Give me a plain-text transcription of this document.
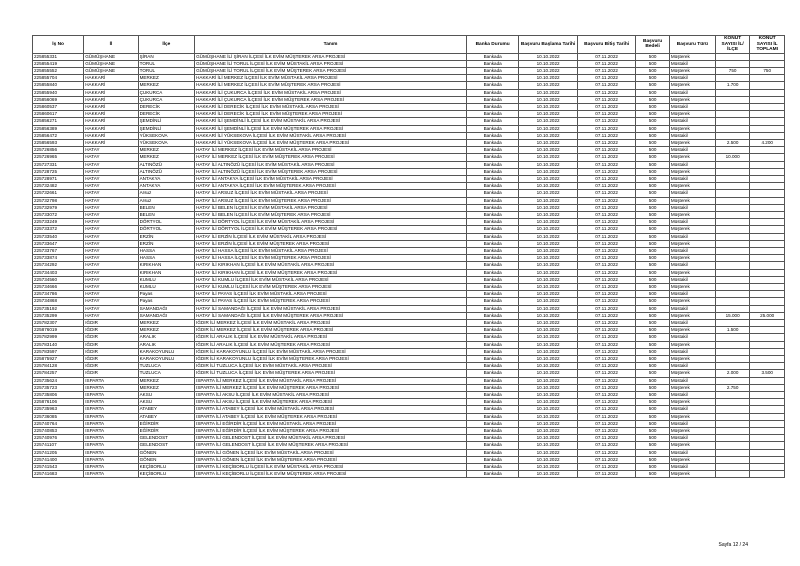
İş No	İl	İlçe	Tanım	Banka Durumu	Başvuru Başlama Tarihi	Başvuru Bitiş Tarihi	Başvuru Bedeli	Başvuru Türü	KONUT SAYISI İL/İLÇE	KONUT SAYISI İL TOPLAMI
225855331	GÜMÜŞHANE	ŞİRAN	GÜMÜŞHANE İLİ ŞİRAN İLÇESİ İLK EVİM MÜŞTEREK ARSA PROJESİ	Bankada	10.10.2022	07.11.2022	500	Müşterek		
225855419	GÜMÜŞHANE	TORUL	GÜMÜŞHANE İLİ TORUL İLÇESİ İLK EVİM MÜSTAKİL ARSA PROJESİ	Bankada	10.10.2022	07.11.2022	500	Müstakil		
225855552	GÜMÜŞHANE	TORUL	GÜMÜŞHANE İLİ TORUL İLÇESİ İLK EVİM MÜŞTEREK ARSA PROJESİ	Bankada	10.10.2022	07.11.2022	500	Müşterek	750	750
225855704	HAKKARİ	MERKEZ	HAKKARİ İLİ MERKEZ İLÇESİ İLK EVİM MÜSTAKİL ARSA PROJESİ	Bankada	10.10.2022	07.11.2022	500	Müstakil		
225855840	HAKKARİ	MERKEZ	HAKKARİ İLİ MERKEZ İLÇESİ İLK EVİM MÜŞTEREK ARSA PROJESİ	Bankada	10.10.2022	07.11.2022	500	Müşterek	1.700	
225855940	HAKKARİ	ÇUKURCA	HAKKARİ İLİ ÇUKURCA İLÇESİ İLK EVİM MÜSTAKİL ARSA PROJESİ	Bankada	10.10.2022	07.11.2022	500	Müstakil		
225856069	HAKKARİ	ÇUKURCA	HAKKARİ İLİ ÇUKURCA İLÇESİ İLK EVİM MÜŞTEREK ARSA PROJESİ	Bankada	10.10.2022	07.11.2022	500	Müşterek		
225860537	HAKKARİ	DERECİK	HAKKARİ İLİ DERECİK İLÇESİ İLK EVİM MÜSTAKİL ARSA PROJESİ	Bankada	10.10.2022	07.11.2022	500	Müstakil		
225860617	HAKKARİ	DERECİK	HAKKARİ İLİ DERECİK İLÇESİ İLK EVİM MÜŞTEREK ARSA PROJESİ	Bankada	10.10.2022	07.11.2022	500	Müşterek		
225856271	HAKKARİ	ŞEMDİNLİ	HAKKARİ İLİ ŞEMDİNLİ İLÇESİ İLK EVİM MÜSTAKİL ARSA PROJESİ	Bankada	10.10.2022	07.11.2022	500	Müstakil		
225856389	HAKKARİ	ŞEMDİNLİ	HAKKARİ İLİ ŞEMDİNLİ İLÇESİ İLK EVİM MÜŞTEREK ARSA PROJESİ	Bankada	10.10.2022	07.11.2022	500	Müşterek		
225856472	HAKKARİ	YÜKSEKOVA	HAKKARİ İLİ YÜKSEKOVA İLÇESİ İLK EVİM MÜSTAKİL ARSA PROJESİ	Bankada	10.10.2022	07.11.2022	500	Müstakil		
225856593	HAKKARİ	YÜKSEKOVA	HAKKARİ İLİ YÜKSEKOVA İLÇESİ İLK EVİM MÜŞTEREK ARSA PROJESİ	Bankada	10.10.2022	07.11.2022	500	Müşterek	2.500	4.200
225726856	HATAY	MERKEZ	HATAY İLİ MERKEZ İLÇESİ İLK EVİM MÜSTAKİL ARSA PROJESİ	Bankada	10.10.2022	07.11.2022	500	Müstakil		
225726965	HATAY	MERKEZ	HATAY İLİ MERKEZ İLÇESİ İLK EVİM MÜŞTEREK ARSA PROJESİ	Bankada	10.10.2022	07.11.2022	500	Müşterek	10.000	
225727331	HATAY	ALTINÖZÜ	HATAY İLİ ALTINÖZÜ İLÇESİ İLK EVİM MÜSTAKİL ARSA PROJESİ	Bankada	10.10.2022	07.11.2022	500	Müstakil		
225728725	HATAY	ALTINÖZÜ	HATAY İLİ ALTINÖZÜ İLÇESİ İLK EVİM MÜŞTEREK ARSA PROJESİ	Bankada	10.10.2022	07.11.2022	500	Müşterek		
225728971	HATAY	ANTAKYA	HATAY İLİ ANTAKYA İLÇESİ İLK EVİM MÜSTAKİL ARSA PROJESİ	Bankada	10.10.2022	07.11.2022	500	Müstakil		
225732482	HATAY	ANTAKYA	HATAY İLİ ANTAKYA İLÇESİ İLK EVİM MÜŞTEREK ARSA PROJESİ	Bankada	10.10.2022	07.11.2022	500	Müşterek		
225732661	HATAY	Arsuz	HATAY İLİ ARSUZ İLÇESİ İLK EVİM MÜSTAKİL ARSA PROJESİ	Bankada	10.10.2022	07.11.2022	500	Müstakil		
225732798	HATAY	Arsuz	HATAY İLİ ARSUZ İLÇESİ İLK EVİM MÜŞTEREK ARSA PROJESİ	Bankada	10.10.2022	07.11.2022	500	Müşterek		
225732979	HATAY	BELEN	HATAY İLİ BELEN İLÇESİ İLK EVİM MÜSTAKİL ARSA PROJESİ	Bankada	10.10.2022	07.11.2022	500	Müstakil		
225733072	HATAY	BELEN	HATAY İLİ BELEN İLÇESİ İLK EVİM MÜŞTEREK ARSA PROJESİ	Bankada	10.10.2022	07.11.2022	500	Müşterek		
225733249	HATAY	DÖRTYOL	HATAY İLİ DÖRTYOL İLÇESİ İLK EVİM MÜSTAKİL ARSA PROJESİ	Bankada	10.10.2022	07.11.2022	500	Müstakil		
225733372	HATAY	DÖRTYOL	HATAY İLİ DÖRTYOL İLÇESİ İLK EVİM MÜŞTEREK ARSA PROJESİ	Bankada	10.10.2022	07.11.2022	500	Müşterek		
225733540	HATAY	ERZİN	HATAY İLİ ERZİN İLÇESİ İLK EVİM MÜSTAKİL ARSA PROJESİ	Bankada	10.10.2022	07.11.2022	500	Müstakil		
225733647	HATAY	ERZİN	HATAY İLİ ERZİN İLÇESİ İLK EVİM MÜŞTEREK ARSA PROJESİ	Bankada	10.10.2022	07.11.2022	500	Müşterek		
225733767	HATAY	HASSA	HATAY İLİ HASSA İLÇESİ İLK EVİM MÜSTAKİL ARSA PROJESİ	Bankada	10.10.2022	07.11.2022	500	Müstakil		
225733874	HATAY	HASSA	HATAY İLİ HASSA İLÇESİ İLK EVİM MÜŞTEREK ARSA PROJESİ	Bankada	10.10.2022	07.11.2022	500	Müşterek		
225734292	HATAY	KIRIKHAN	HATAY İLİ KIRIKHAN İLÇESİ İLK EVİM MÜSTAKİL ARSA PROJESİ	Bankada	10.10.2022	07.11.2022	500	Müstakil		
225734403	HATAY	KIRIKHAN	HATAY İLİ KIRIKHAN İLÇESİ İLK EVİM MÜŞTEREK ARSA PROJESİ	Bankada	10.10.2022	07.11.2022	500	Müşterek		
225734560	HATAY	KUMLU	HATAY İLİ KUMLU İLÇESİ İLK EVİM MÜSTAKİL ARSA PROJESİ	Bankada	10.10.2022	07.11.2022	500	Müstakil		
225734666	HATAY	KUMLU	HATAY İLİ KUMLU İLÇESİ İLK EVİM MÜŞTEREK ARSA PROJESİ	Bankada	10.10.2022	07.11.2022	500	Müşterek		
225734786	HATAY	Payas	HATAY İLİ PAYAS İLÇESİ İLK EVİM MÜSTAKİL ARSA PROJESİ	Bankada	10.10.2022	07.11.2022	500	Müstakil		
225734868	HATAY	Payas	HATAY İLİ PAYAS İLÇESİ İLK EVİM MÜŞTEREK ARSA PROJESİ	Bankada	10.10.2022	07.11.2022	500	Müşterek		
225735192	HATAY	SAMANDAĞI	HATAY İLİ SAMANDAĞI İLÇESİ İLK EVİM MÜSTAKİL ARSA PROJESİ	Bankada	10.10.2022	07.11.2022	500	Müstakil		
225735299	HATAY	SAMANDAĞI	HATAY İLİ SAMANDAĞI İLÇESİ İLK EVİM MÜŞTEREK ARSA PROJESİ	Bankada	10.10.2022	07.11.2022	500	Müşterek	15.000	25.000
225782307	IĞDIR	MERKEZ	IĞDIR İLİ MERKEZ İLÇESİ İLK EVİM MÜSTAKİL ARSA PROJESİ	Bankada	10.10.2022	07.11.2022	500	Müstakil		
225876019	IĞDIR	MERKEZ	IĞDIR İLİ MERKEZ İLÇESİ İLK EVİM MÜŞTEREK ARSA PROJESİ	Bankada	10.10.2022	07.11.2022	500	Müşterek	1.500	
225782999	IĞDIR	ARALIK	IĞDIR İLİ ARALIK İLÇESİ İLK EVİM MÜSTAKİL ARSA PROJESİ	Bankada	10.10.2022	07.11.2022	500	Müstakil		
225783140	IĞDIR	ARALIK	IĞDIR İLİ ARALIK İLÇESİ İLK EVİM MÜŞTEREK ARSA PROJESİ	Bankada	10.10.2022	07.11.2022	500	Müşterek		
225783597	IĞDIR	KARAKOYUNLU	IĞDIR İLİ KARAKOYUNLU İLÇESİ İLK EVİM MÜSTAKİL ARSA PROJESİ	Bankada	10.10.2022	07.11.2022	500	Müstakil		
225875927	IĞDIR	KARAKOYUNLU	IĞDIR İLİ KARAKOYUNLU İLÇESİ İLK EVİM MÜŞTEREK ARSA PROJESİ	Bankada	10.10.2022	07.11.2022	500	Müşterek		
225784128	IĞDIR	TUZLUCA	IĞDIR İLİ TUZLUCA İLÇESİ İLK EVİM MÜSTAKİL ARSA PROJESİ	Bankada	10.10.2022	07.11.2022	500	Müstakil		
225784257	IĞDIR	TUZLUCA	IĞDIR İLİ TUZLUCA İLÇESİ İLK EVİM MÜŞTEREK ARSA PROJESİ	Bankada	10.10.2022	07.11.2022	500	Müşterek	2.000	3.500
225735624	ISPARTA	MERKEZ	ISPARTA İLİ MERKEZ İLÇESİ İLK EVİM MÜSTAKİL ARSA PROJESİ	Bankada	10.10.2022	07.11.2022	500	Müstakil		
225735723	ISPARTA	MERKEZ	ISPARTA İLİ MERKEZ İLÇESİ İLK EVİM MÜŞTEREK ARSA PROJESİ	Bankada	10.10.2022	07.11.2022	500	Müşterek	2.750	
225735806	ISPARTA	AKSU	ISPARTA İLİ AKSU İLÇESİ İLK EVİM MÜSTAKİL ARSA PROJESİ	Bankada	10.10.2022	07.11.2022	500	Müstakil		
225876106	ISPARTA	AKSU	ISPARTA İLİ AKSU İLÇESİ İLK EVİM MÜŞTEREK ARSA PROJESİ	Bankada	10.10.2022	07.11.2022	500	Müşterek		
225735963	ISPARTA	ATABEY	ISPARTA İLİ ATABEY İLÇESİ İLK EVİM MÜSTAKİL ARSA PROJESİ	Bankada	10.10.2022	07.11.2022	500	Müstakil		
225736085	ISPARTA	ATABEY	ISPARTA İLİ ATABEY İLÇESİ İLK EVİM MÜŞTEREK ARSA PROJESİ	Bankada	10.10.2022	07.11.2022	500	Müşterek		
225740764	ISPARTA	EĞİRDİR	ISPARTA İLİ EĞİRDİR İLÇESİ İLK EVİM MÜSTAKİL ARSA PROJESİ	Bankada	10.10.2022	07.11.2022	500	Müstakil		
225740853	ISPARTA	EĞİRDİR	ISPARTA İLİ EĞİRDİR İLÇESİ İLK EVİM MÜŞTEREK ARSA PROJESİ	Bankada	10.10.2022	07.11.2022	500	Müşterek		
225740976	ISPARTA	GELENDOST	ISPARTA İLİ GELENDOST İLÇESİ İLK EVİM MÜSTAKİL ARSA PROJESİ	Bankada	10.10.2022	07.11.2022	500	Müstakil		
225741107	ISPARTA	GELENDOST	ISPARTA İLİ GELENDOST İLÇESİ İLK EVİM MÜŞTEREK ARSA PROJESİ	Bankada	10.10.2022	07.11.2022	500	Müşterek		
225741205	ISPARTA	GÖNEN	ISPARTA İLİ GÖNEN İLÇESİ İLK EVİM MÜSTAKİL ARSA PROJESİ	Bankada	10.10.2022	07.11.2022	500	Müstakil		
225741400	ISPARTA	GÖNEN	ISPARTA İLİ GÖNEN İLÇESİ İLK EVİM MÜŞTEREK ARSA PROJESİ	Bankada	10.10.2022	07.11.2022	500	Müşterek		
225741543	ISPARTA	KEÇİBORLU	ISPARTA İLİ KEÇİBORLU İLÇESİ İLK EVİM MÜSTAKİL ARSA PROJESİ	Bankada	10.10.2022	07.11.2022	500	Müstakil		
225741683	ISPARTA	KEÇİBORLU	ISPARTA İLİ KEÇİBORLU İLÇESİ İLK EVİM MÜŞTEREK ARSA PROJESİ	Bankada	10.10.2022	07.11.2022	500	Müşterek		
Sayfa 12 / 24
